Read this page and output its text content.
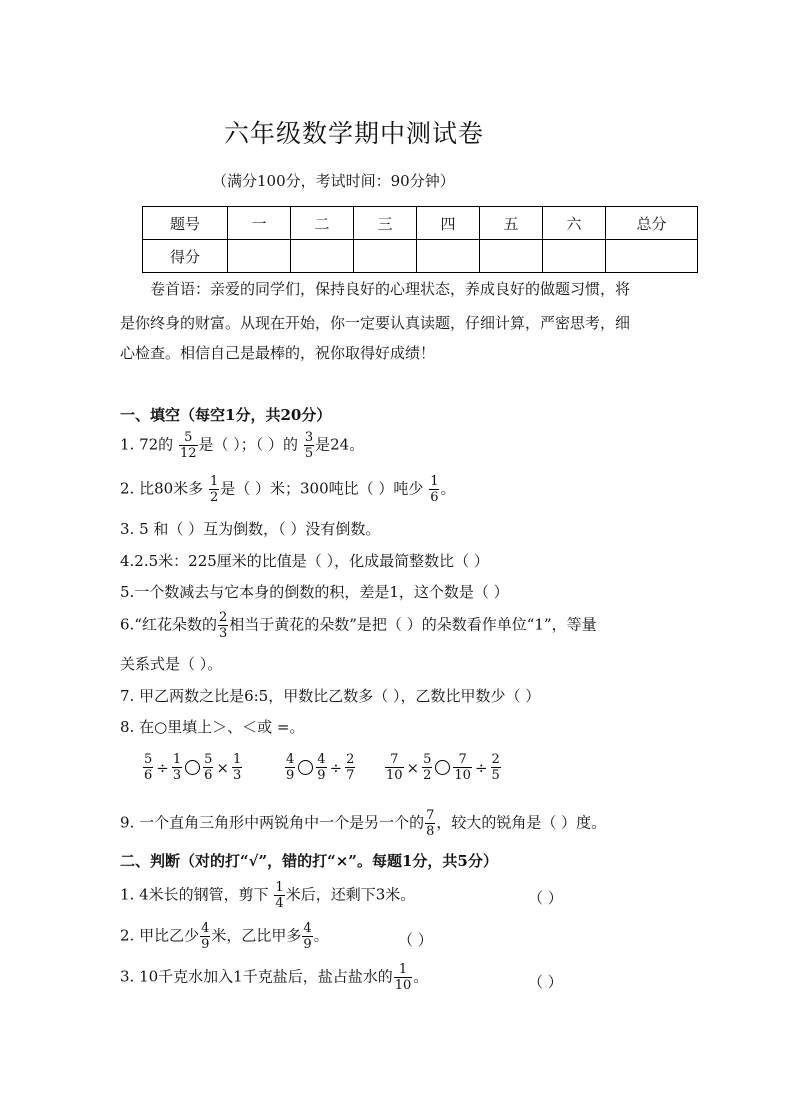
六年级数学期中测试卷
（满分100分，考试时间：90分钟）
题号	一	二	三	四	五	六	总分
得分							
卷首语：亲爱的同学们，保持良好的心理状态，养成良好的做题习惯，将
是你终身的财富。从现在开始，你一定要认真读题，仔细计算，严密思考，细
心检查。相信自己是最棒的，祝你取得好成绩！
一、填空（每空1分，共20分）
1. 72的 $\frac{5}{12}$ 是（ ）；（ ）的 $\frac{3}{5}$ 是24。
2. 比80米多 $\frac{1}{2}$ 是（ ）米；300吨比（ ）吨少 $\frac{1}{6}$ 。
3. 5 和（ ）互为倒数，（ ）没有倒数。
4.2.5米：225厘米的比值是（ ），化成最简整数比（ ）
5.一个数减去与它本身的倒数的积，差是1，这个数是（ ）
6.“红花朵数的 $\frac{2}{3}$ 相当于黄花的朵数”是把（ ）的朵数看作单位“1”，等量
关系式是（ ）。
7. 甲乙两数之比是6:5，甲数比乙数多（ ），乙数比甲数少（ ）
8. 在○里填上＞、＜或 =。
$\frac{5}{6} \div \frac{1}{3} \frac{5}{6} \times \frac{1}{3}$	$\frac{4}{9} \frac{4}{9} \div \frac{2}{7} \frac{7}{10} \times \frac{5}{2} \frac{7}{10} \div \frac{2}{5}$
9. 一个直角三角形中两锐角中一个是另一个的 $\frac{7}{8}$ ，较大的锐角是（ ）度。
二、判断（对的打“√”，错的打“×”。每题1分，共5分）
1. 4米长的钢管，剪下 $\frac{1}{4}$ 米后，还剩下3米。	（ ）
2. 甲比乙少 $\frac{4}{9}$ 米，乙比甲多 $\frac{4}{9}$ 。	（ ）
3. 10千克水加入1千克盐后，盐占盐水的 $\frac{1}{10}$ 。	（ ）
